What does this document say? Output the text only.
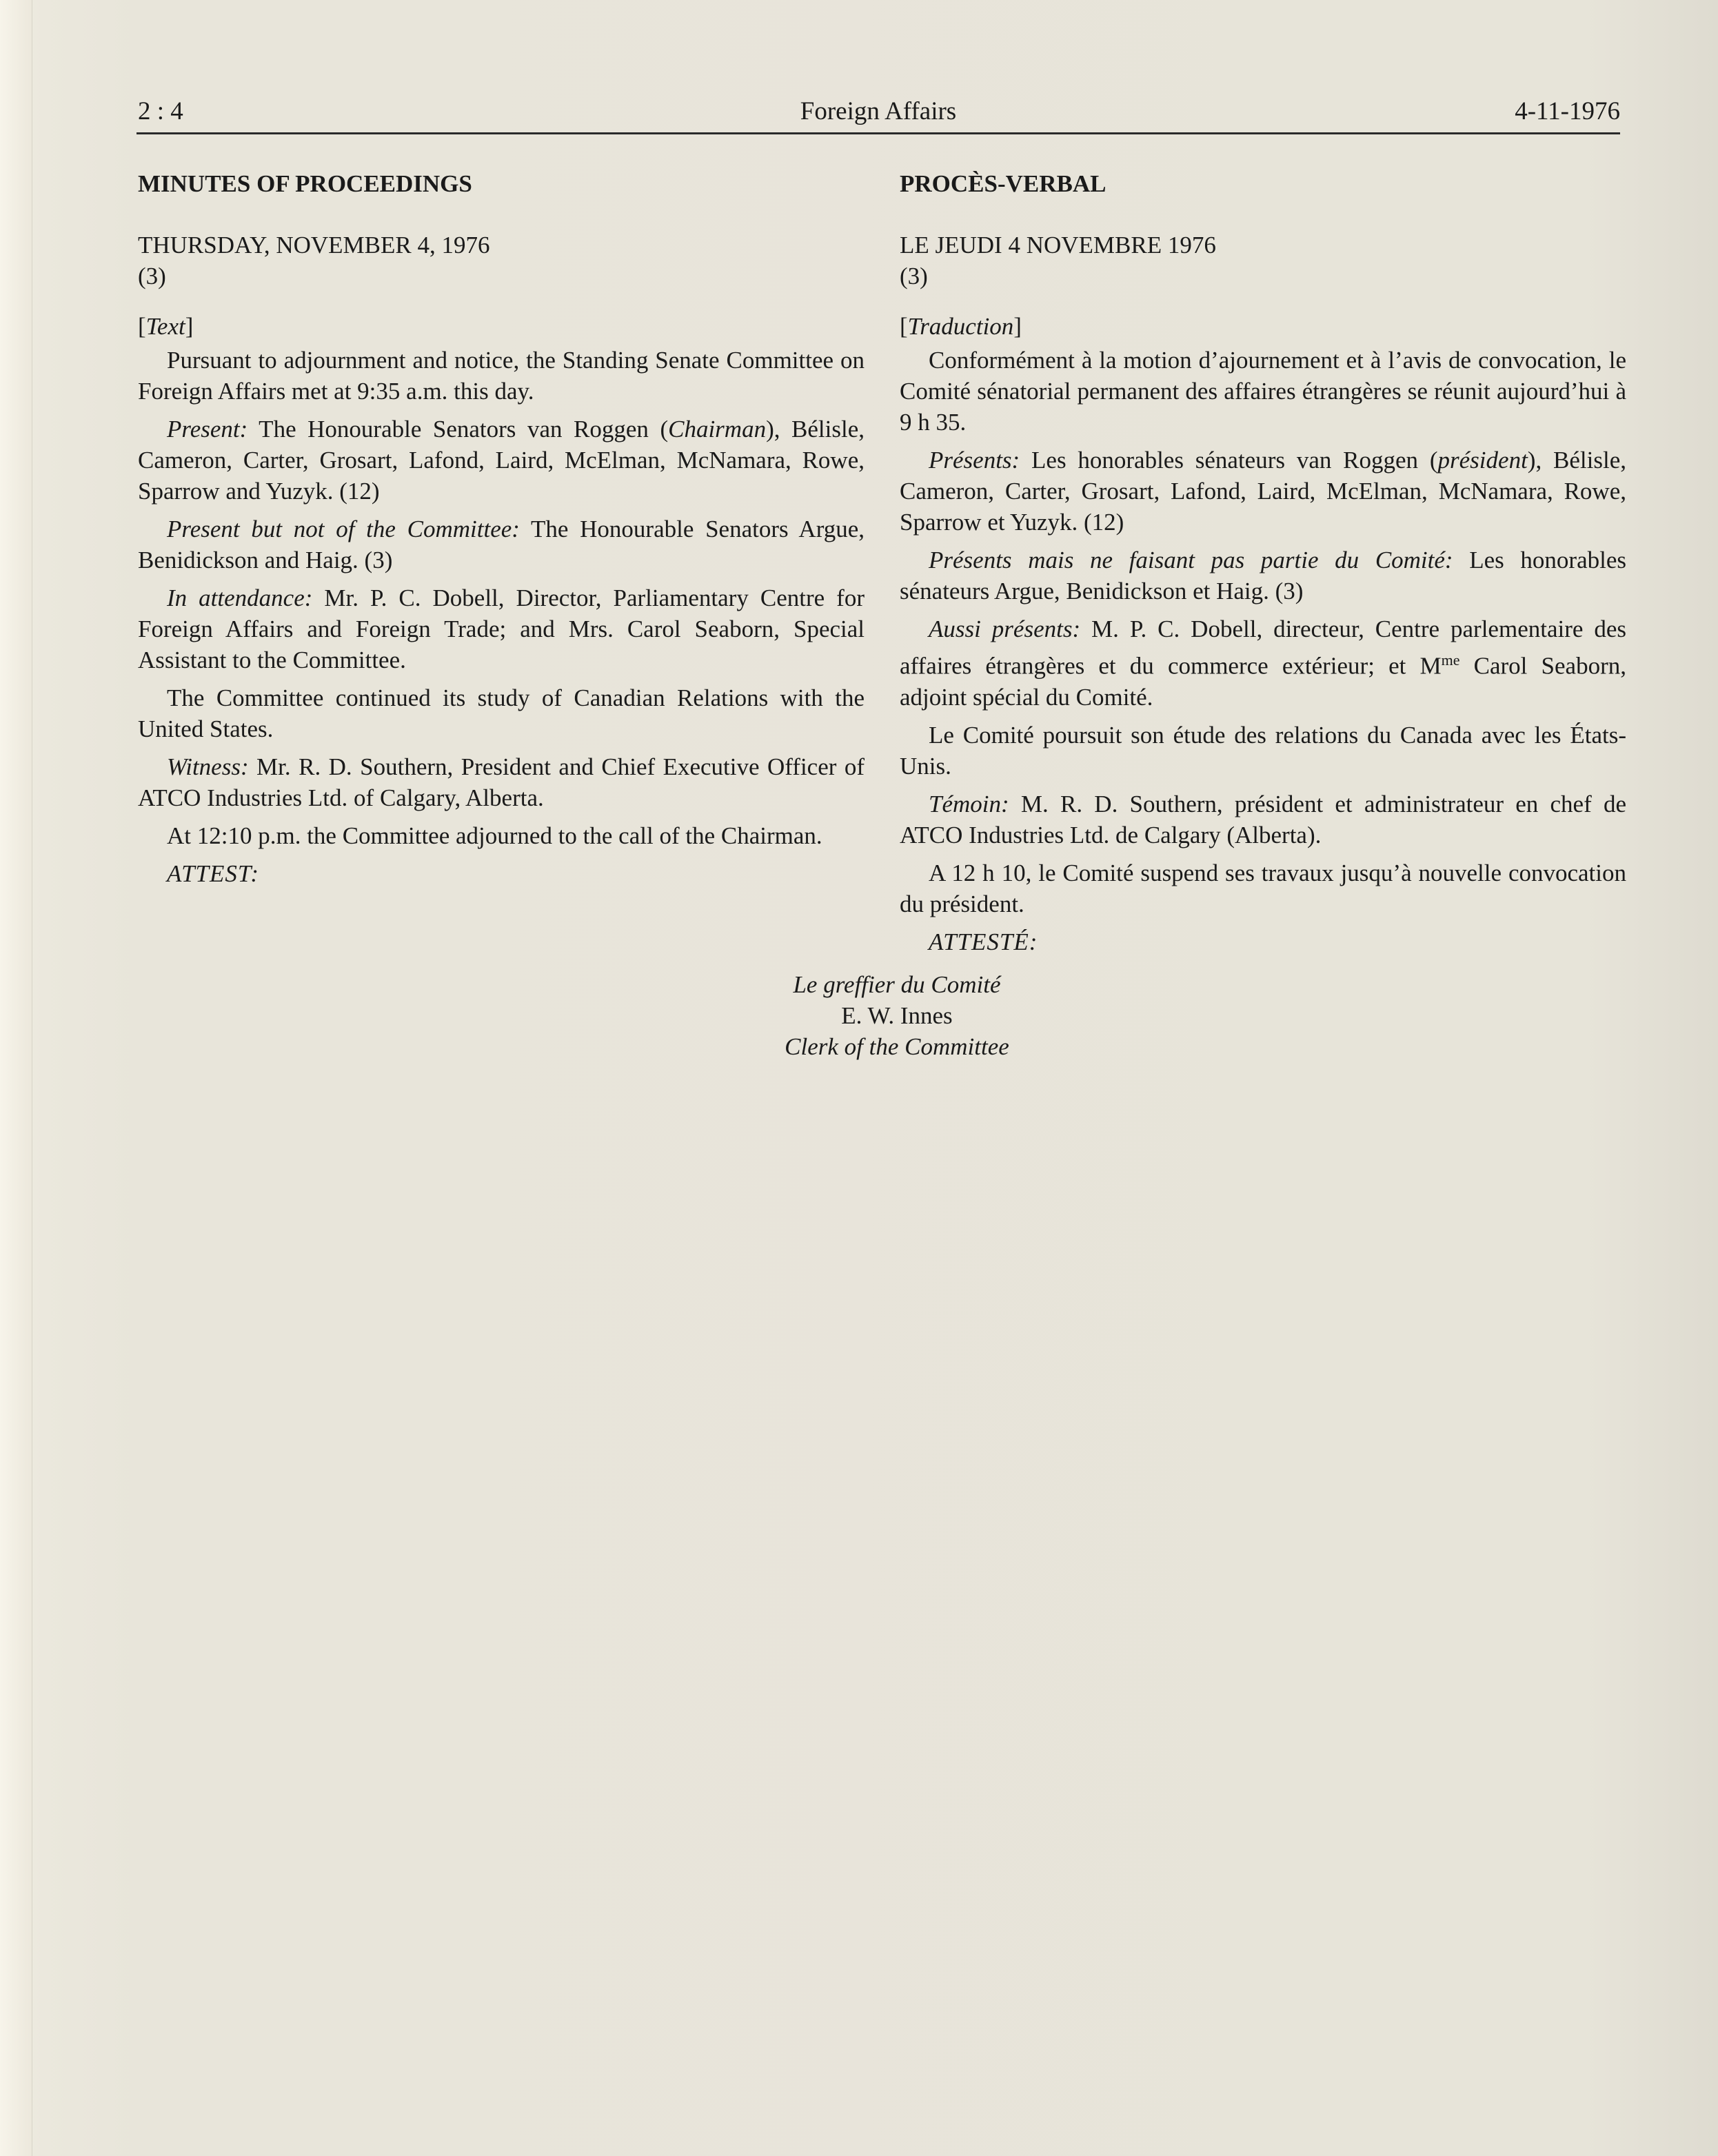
2 : 4	Foreign Affairs	4-11-1976
MINUTES OF PROCEEDINGS
THURSDAY, NOVEMBER 4, 1976
(3)
[Text]

Pursuant to adjournment and notice, the Standing Senate Committee on Foreign Affairs met at 9:35 a.m. this day.

Present: The Honourable Senators van Roggen (Chairman), Bélisle, Cameron, Carter, Grosart, Lafond, Laird, McElman, McNamara, Rowe, Sparrow and Yuzyk. (12)

Present but not of the Committee: The Honourable Senators Argue, Benidickson and Haig. (3)

In attendance: Mr. P. C. Dobell, Director, Parliamentary Centre for Foreign Affairs and Foreign Trade; and Mrs. Carol Seaborn, Special Assistant to the Committee.

The Committee continued its study of Canadian Relations with the United States.

Witness: Mr. R. D. Southern, President and Chief Executive Officer of ATCO Industries Ltd. of Calgary, Alberta.

At 12:10 p.m. the Committee adjourned to the call of the Chairman.

ATTEST:
PROCÈS-VERBAL
LE JEUDI 4 NOVEMBRE 1976
(3)
[Traduction]

Conformément à la motion d’ajournement et à l’avis de convocation, le Comité sénatorial permanent des affaires étrangères se réunit aujourd’hui à 9 h 35.

Présents: Les honorables sénateurs van Roggen (président), Bélisle, Cameron, Carter, Grosart, Lafond, Laird, McElman, McNamara, Rowe, Sparrow et Yuzyk. (12)

Présents mais ne faisant pas partie du Comité: Les honorables sénateurs Argue, Benidickson et Haig. (3)

Aussi présents: M. P. C. Dobell, directeur, Centre parlementaire des affaires étrangères et du commerce extérieur; et $M^{me}$ Carol Seaborn, adjoint spécial du Comité.

Le Comité poursuit son étude des relations du Canada avec les États-Unis.

Témoin: M. R. D. Southern, président et administrateur en chef de ATCO Industries Ltd. de Calgary (Alberta).

A 12 h 10, le Comité suspend ses travaux jusqu’à nouvelle convocation du président.

ATTESTÉ:
Le greffier du Comité
E. W. Innes
Clerk of the Committee
